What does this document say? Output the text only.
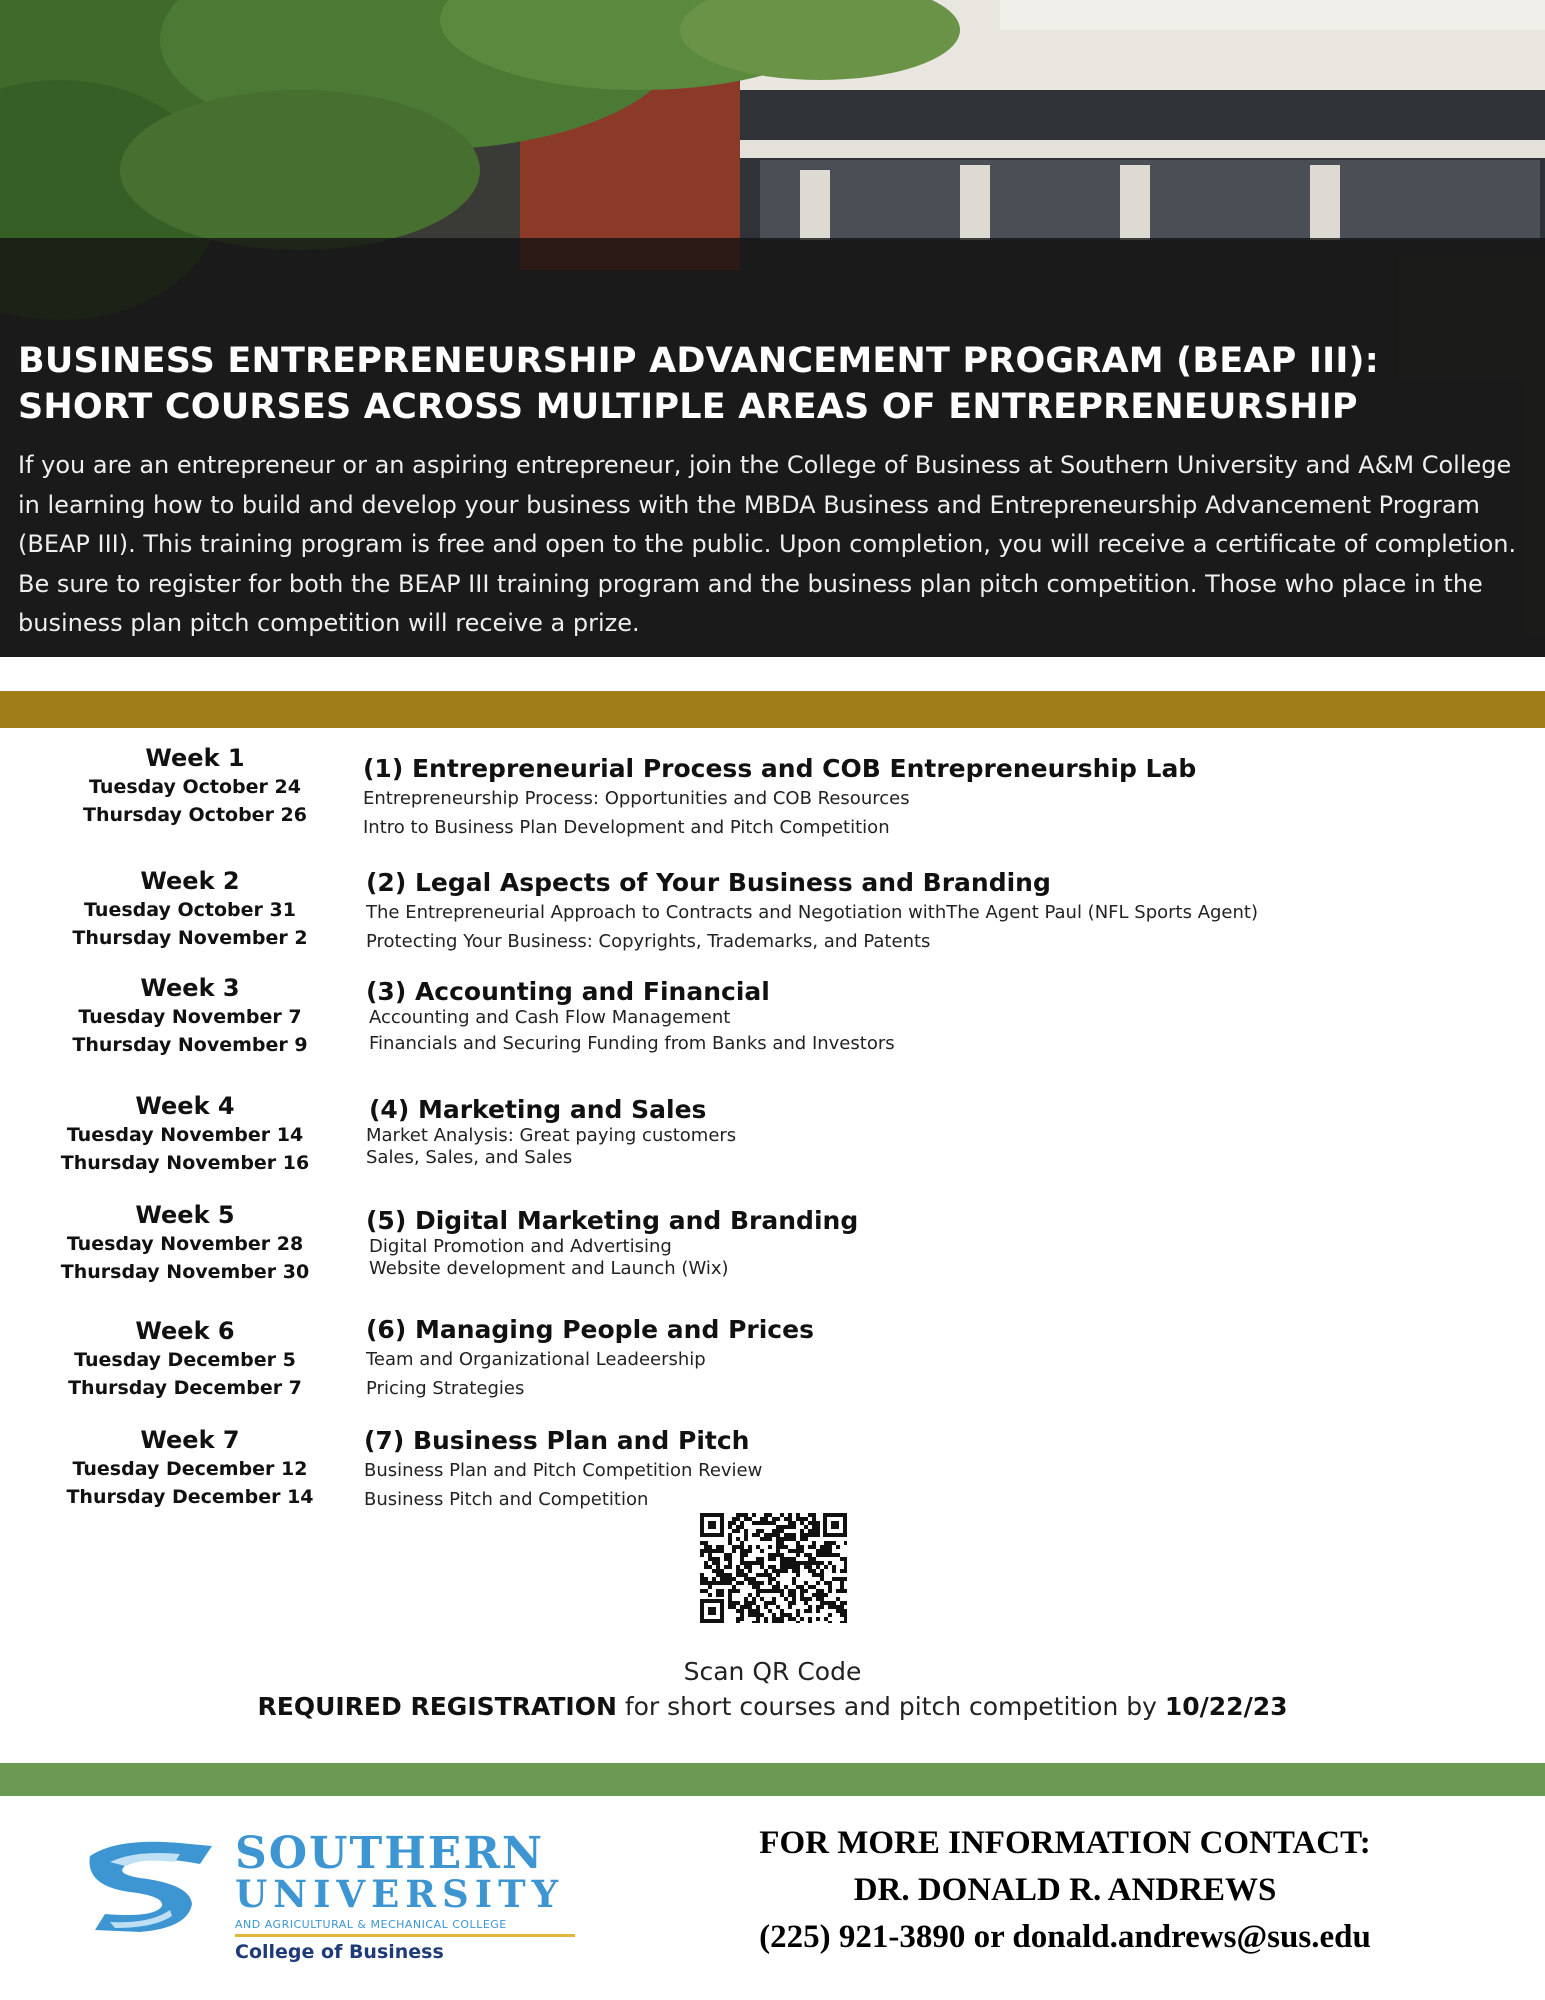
BUSINESS ENTREPRENEURSHIP ADVANCEMENT PROGRAM (BEAP III):
SHORT COURSES ACROSS MULTIPLE AREAS OF ENTREPRENEURSHIP

If you are an entrepreneur or an aspiring entrepreneur, join the College of Business at Southern University and A&M College in learning how to build and develop your business with the MBDA Business and Entrepreneurship Advancement Program (BEAP III). This training program is free and open to the public. Upon completion, you will receive a certificate of completion. Be sure to register for both the BEAP III training program and the business plan pitch competition. Those who place in the business plan pitch competition will receive a prize.

Week 1
Tuesday October 24
Thursday October 26
(1) Entrepreneurial Process and COB Entrepreneurship Lab
Entrepreneurship Process: Opportunities and COB Resources
Intro to Business Plan Development and Pitch Competition
Week 2
Tuesday October 31
Thursday November 2
(2) Legal Aspects of Your Business and Branding
The Entrepreneurial Approach to Contracts and Negotiation withThe Agent Paul (NFL Sports Agent)
Protecting Your Business: Copyrights, Trademarks, and Patents
Week 3
Tuesday November 7
Thursday November 9
(3) Accounting and Financial
Accounting and Cash Flow Management
Financials and Securing Funding from Banks and Investors
Week 4
Tuesday November 14
Thursday November 16
(4) Marketing and Sales
Market Analysis: Great paying customers
Sales, Sales, and Sales
Week 5
Tuesday November 28
Thursday November 30
(5) Digital Marketing and Branding
Digital Promotion and Advertising
Website development and Launch (Wix)
Week 6
Tuesday December 5
Thursday December 7
(6) Managing People and Prices
Team and Organizational Leadeership
Pricing Strategies
Week 7
Tuesday December 12
Thursday December 14
(7) Business Plan and Pitch
Business Plan and Pitch Competition Review
Business Pitch and Competition
Scan QR Code
REQUIRED REGISTRATION for short courses and pitch competition by 10/22/23
SOUTHERN
UNIVERSITY
AND AGRICULTURAL & MECHANICAL COLLEGE
College of Business
FOR MORE INFORMATION CONTACT:
DR. DONALD R. ANDREWS
(225) 921-3890 or donald.andrews@sus.edu
